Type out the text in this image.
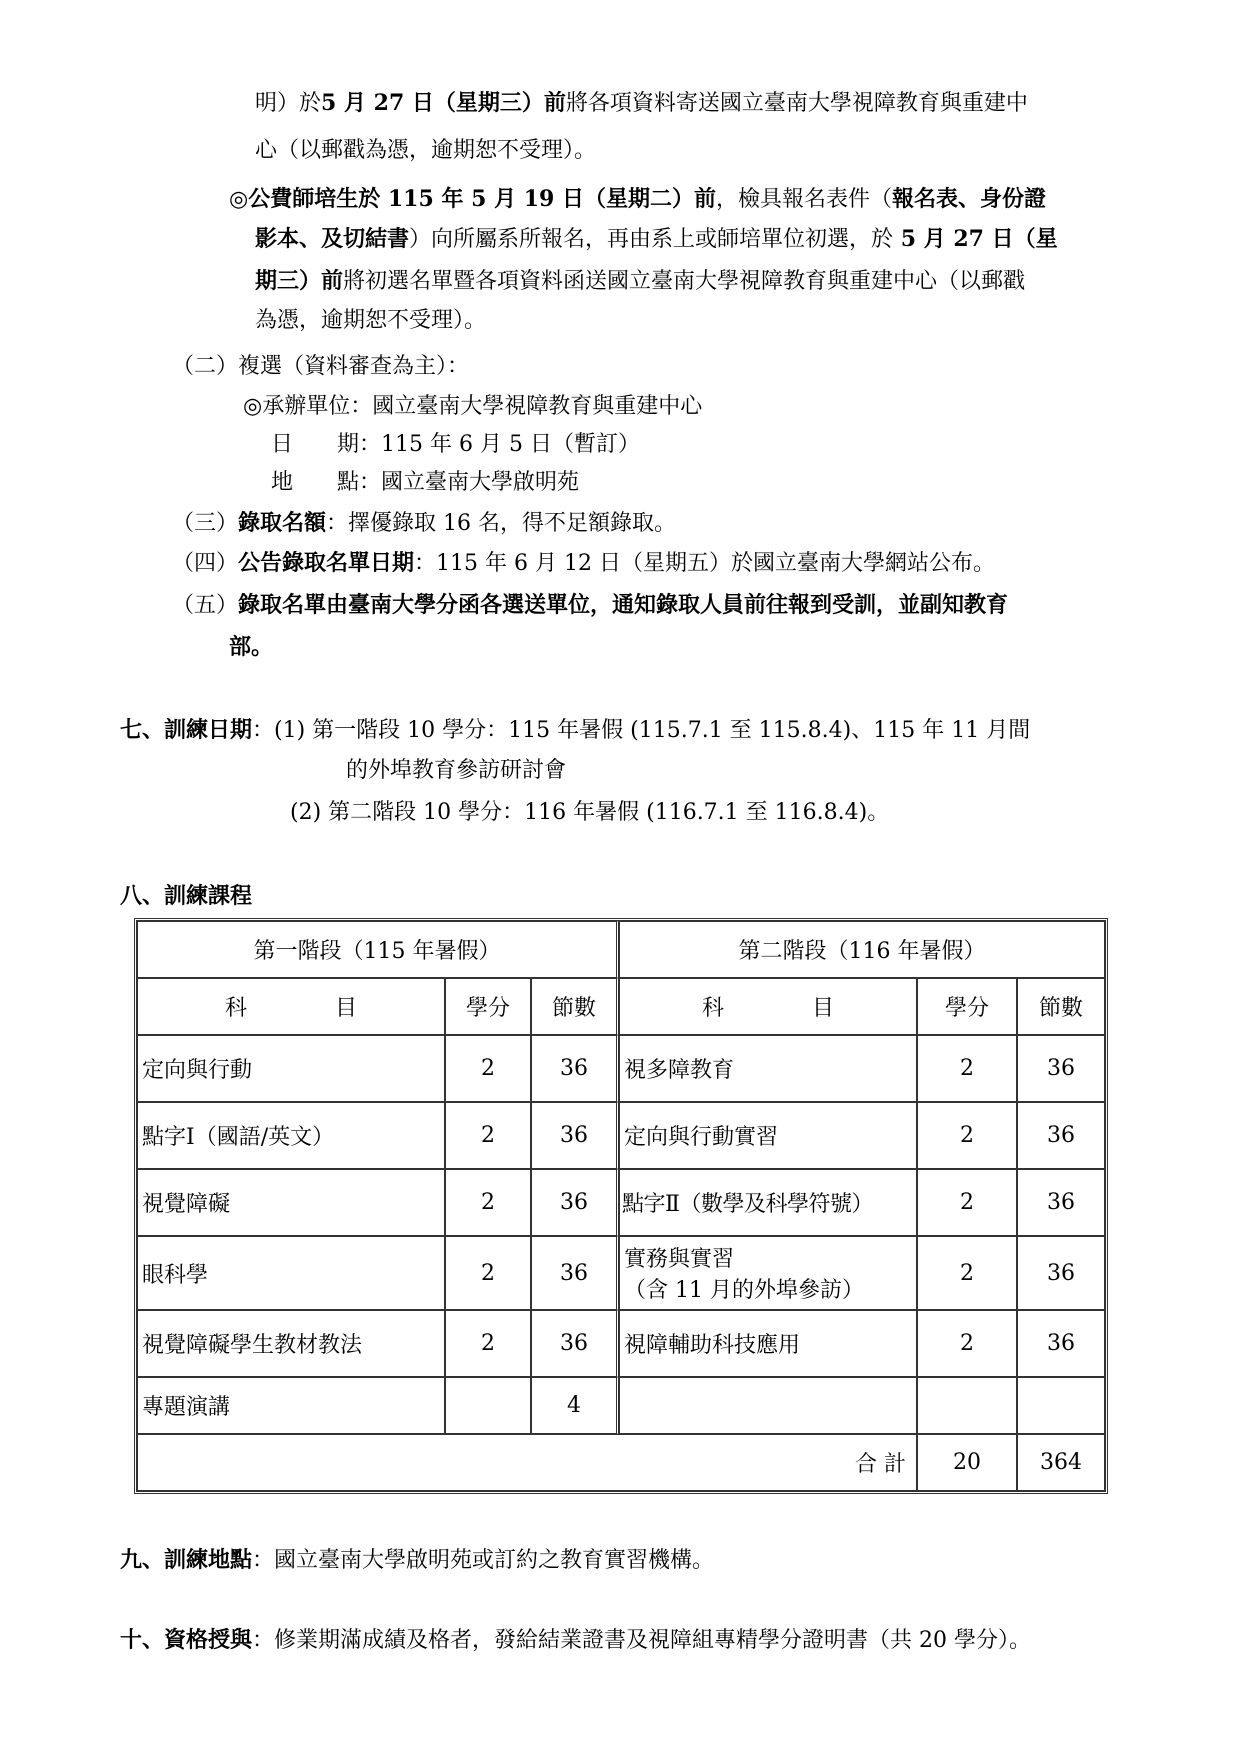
明）於5 月 27 日（星期三）前將各項資料寄送國立臺南大學視障教育與重建中
心（以郵戳為憑，逾期恕不受理）。
◎公費師培生於 115 年 5 月 19 日（星期二）前，檢具報名表件（報名表、身份證
影本、及切結書）向所屬系所報名，再由系上或師培單位初選，於 5 月 27 日（星
期三）前將初選名單暨各項資料函送國立臺南大學視障教育與重建中心（以郵戳
為憑，逾期恕不受理）。
（二）複選（資料審查為主）：
◎承辦單位：國立臺南大學視障教育與重建中心
日　　期：115 年 6 月 5 日（暫訂）
地　　點：國立臺南大學啟明苑
（三）錄取名額：擇優錄取 16 名，得不足額錄取。
（四）公告錄取名單日期：115 年 6 月 12 日（星期五）於國立臺南大學網站公布。
（五）錄取名單由臺南大學分函各選送單位，通知錄取人員前往報到受訓，並副知教育
部。
七、訓練日期：(1) 第一階段 10 學分：115 年暑假 (115.7.1 至 115.8.4)、115 年 11 月間
的外埠教育參訪研討會
(2) 第二階段 10 學分：116 年暑假 (116.7.1 至 116.8.4)。
八、訓練課程
第一階段（115 年暑假）			第二階段（116 年暑假）		
科　　　　目	學分	節數	科　　　　目	學分	節數
定向與行動	2	36	視多障教育	2	36
點字Ⅰ（國語/英文）	2	36	定向與行動實習	2	36
視覺障礙	2	36	點字Ⅱ（數學及科學符號）	2	36
眼科學	2	36	實務與實習
（含 11 月的外埠參訪）	2	36
視覺障礙學生教材教法	2	36	視障輔助科技應用	2	36
專題演講		4			
合 計				20	364
九、訓練地點：國立臺南大學啟明苑或訂約之教育實習機構。
十、資格授與：修業期滿成績及格者，發給結業證書及視障組專精學分證明書（共 20 學分）。
